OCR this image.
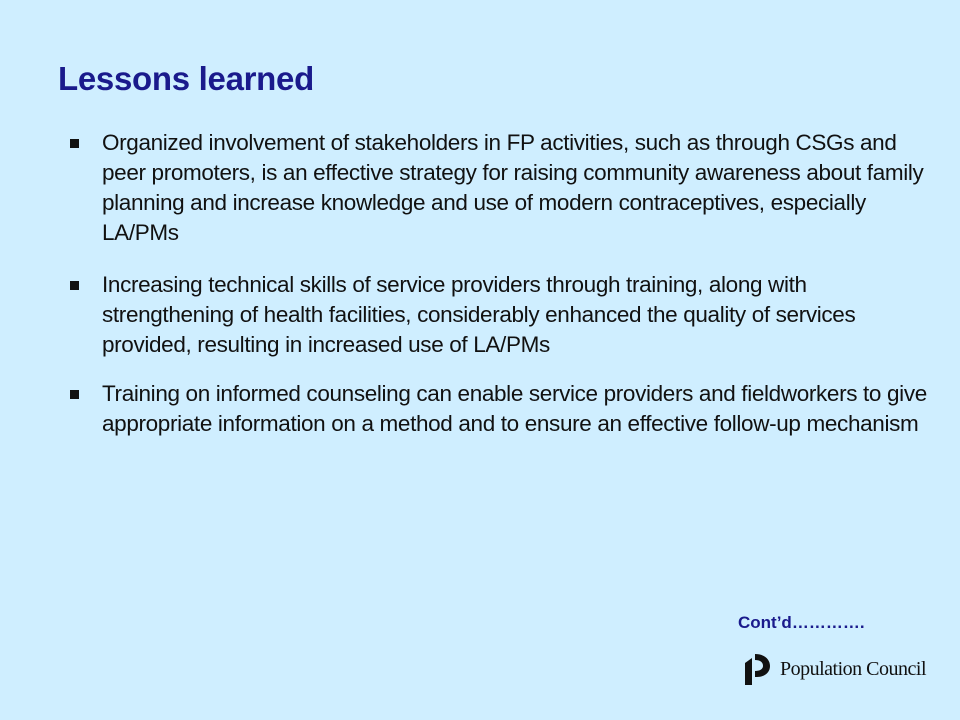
Lessons learned
Organized involvement of stakeholders in FP activities, such as through CSGs and peer promoters, is an effective strategy for raising community awareness about family planning and increase knowledge and use of modern contraceptives, especially LA/PMs
Increasing technical skills of service providers through training, along with strengthening of health facilities, considerably enhanced the quality of services provided, resulting in increased use of LA/PMs
Training on informed counseling can enable service providers and fieldworkers to give appropriate information on a method and to ensure an effective follow-up mechanism
Cont’d………….
Population Council
